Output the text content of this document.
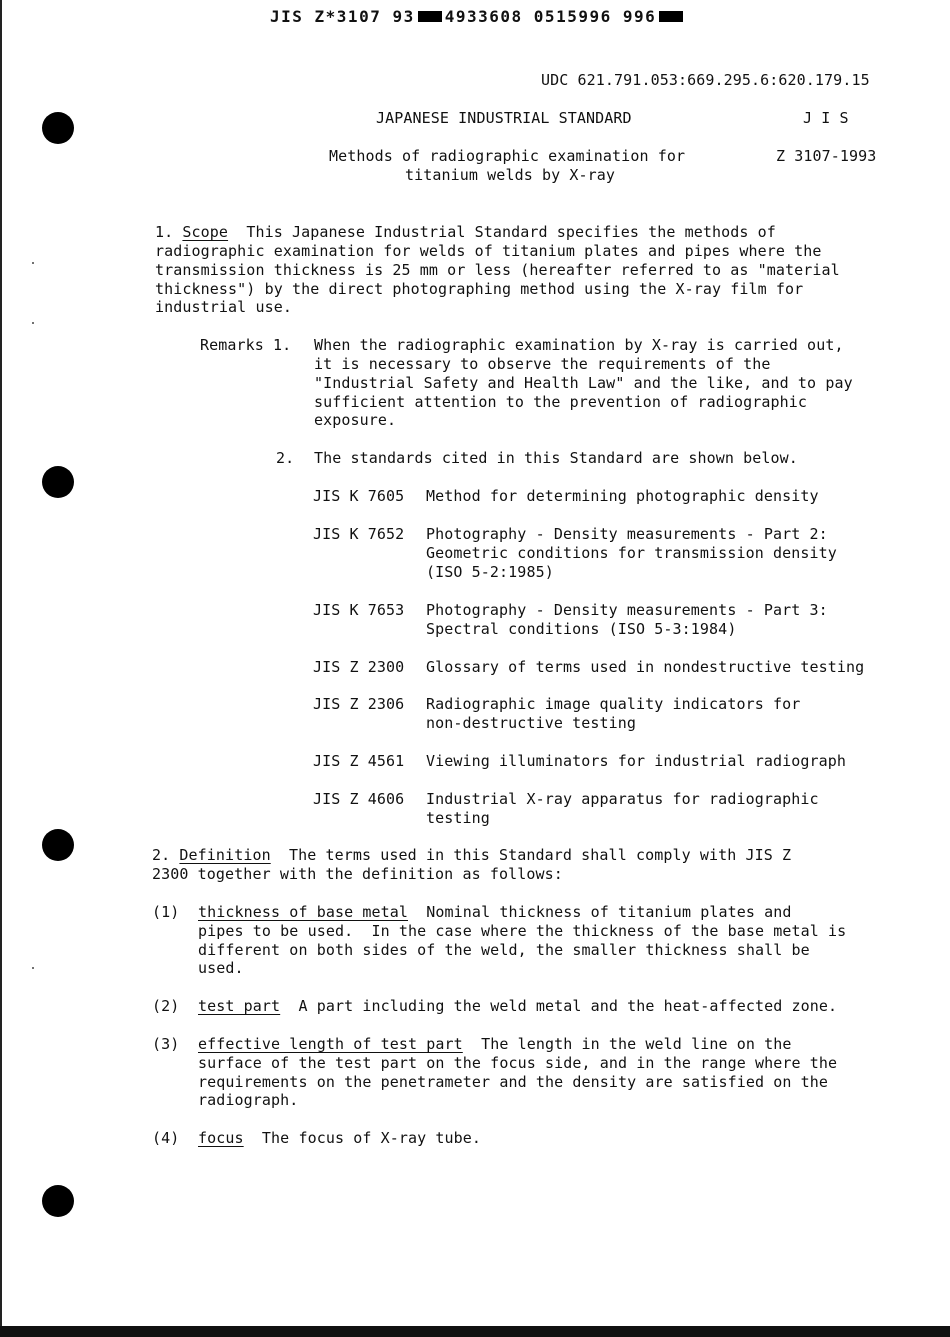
JIS Z*3107 93 4933608 0515996 996
UDC 621.791.053:669.295.6:620.179.15
JAPANESE INDUSTRIAL STANDARD	J I S
Methods of radiographic examination for
titanium welds by X-ray
Z 3107-1993
1. Scope This Japanese Industrial Standard specifies the methods of
radiographic examination for welds of titanium plates and pipes where the
transmission thickness is 25 mm or less (hereafter referred to as "material
thickness") by the direct photographing method using the X-ray film for
industrial use.
Remarks 1. When the radiographic examination by X-ray is carried out,
it is necessary to observe the requirements of the
"Industrial Safety and Health Law" and the like, and to pay
sufficient attention to the prevention of radiographic
exposure.
2. The standards cited in this Standard are shown below.
JIS K 7605 Method for determining photographic density
JIS K 7652 Photography - Density measurements - Part 2:
Geometric conditions for transmission density
(ISO 5-2:1985)
JIS K 7653 Photography - Density measurements - Part 3:
Spectral conditions (ISO 5-3:1984)
JIS Z 2300 Glossary of terms used in nondestructive testing
JIS Z 2306 Radiographic image quality indicators for
non-destructive testing
JIS Z 4561 Viewing illuminators for industrial radiograph
JIS Z 4606 Industrial X-ray apparatus for radiographic
testing
2. Definition The terms used in this Standard shall comply with JIS Z
2300 together with the definition as follows:
(1) thickness of base metal Nominal thickness of titanium plates and
pipes to be used.  In the case where the thickness of the base metal is
different on both sides of the weld, the smaller thickness shall be
used.
(2) test part A part including the weld metal and the heat-affected zone.
(3) effective length of test part The length in the weld line on the
surface of the test part on the focus side, and in the range where the
requirements on the penetrameter and the density are satisfied on the
radiograph.
(4) focus The focus of X-ray tube.
